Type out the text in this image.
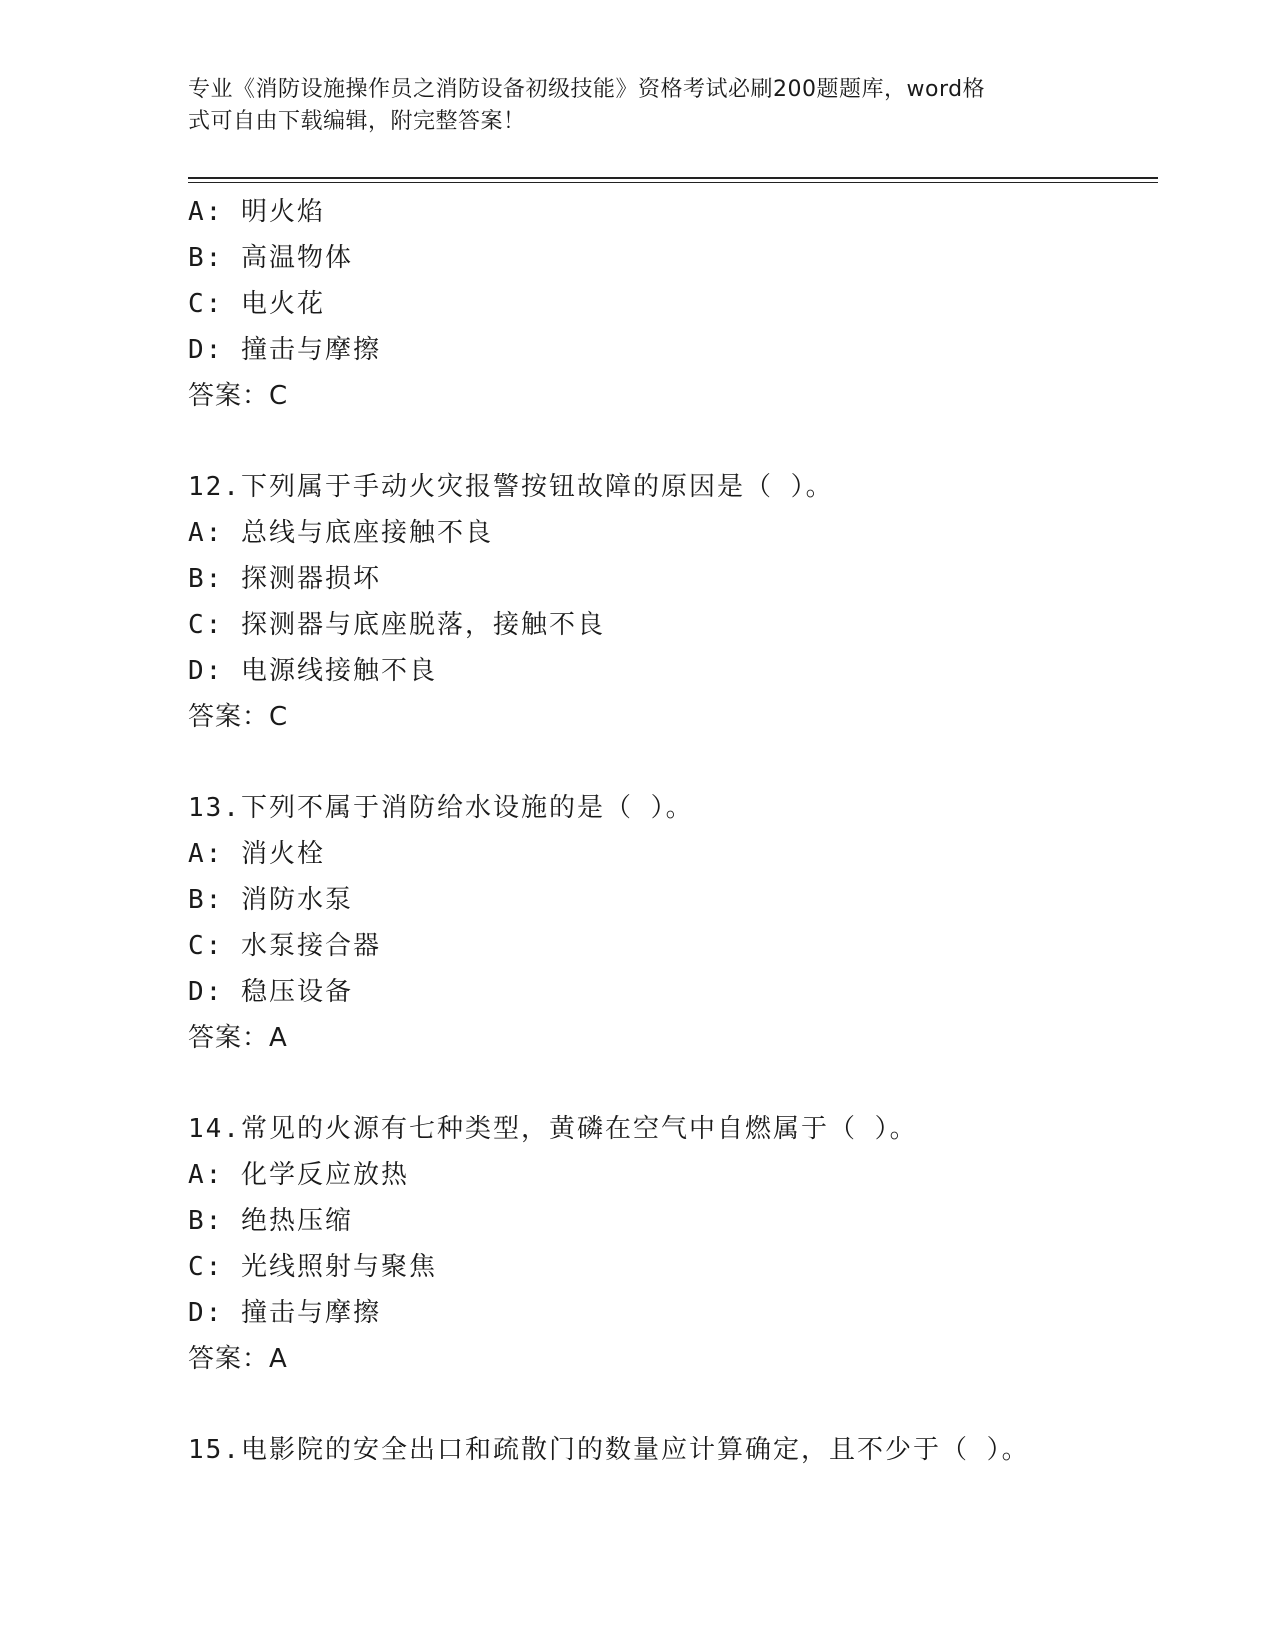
专业《消防设施操作员之消防设备初级技能》资格考试必刷200题题库，word格
式可自由下载编辑，附完整答案！
A: 明火焰
B: 高温物体
C: 电火花
D: 撞击与摩擦
答案：C
12.下列属于手动火灾报警按钮故障的原因是（ ）。
A: 总线与底座接触不良
B: 探测器损坏
C: 探测器与底座脱落，接触不良
D: 电源线接触不良
答案：C
13.下列不属于消防给水设施的是（ ）。
A: 消火栓
B: 消防水泵
C: 水泵接合器
D: 稳压设备
答案：A
14.常见的火源有七种类型，黄磷在空气中自燃属于（ ）。
A: 化学反应放热
B: 绝热压缩
C: 光线照射与聚焦
D: 撞击与摩擦
答案：A
15.电影院的安全出口和疏散门的数量应计算确定，且不少于（ ）。
